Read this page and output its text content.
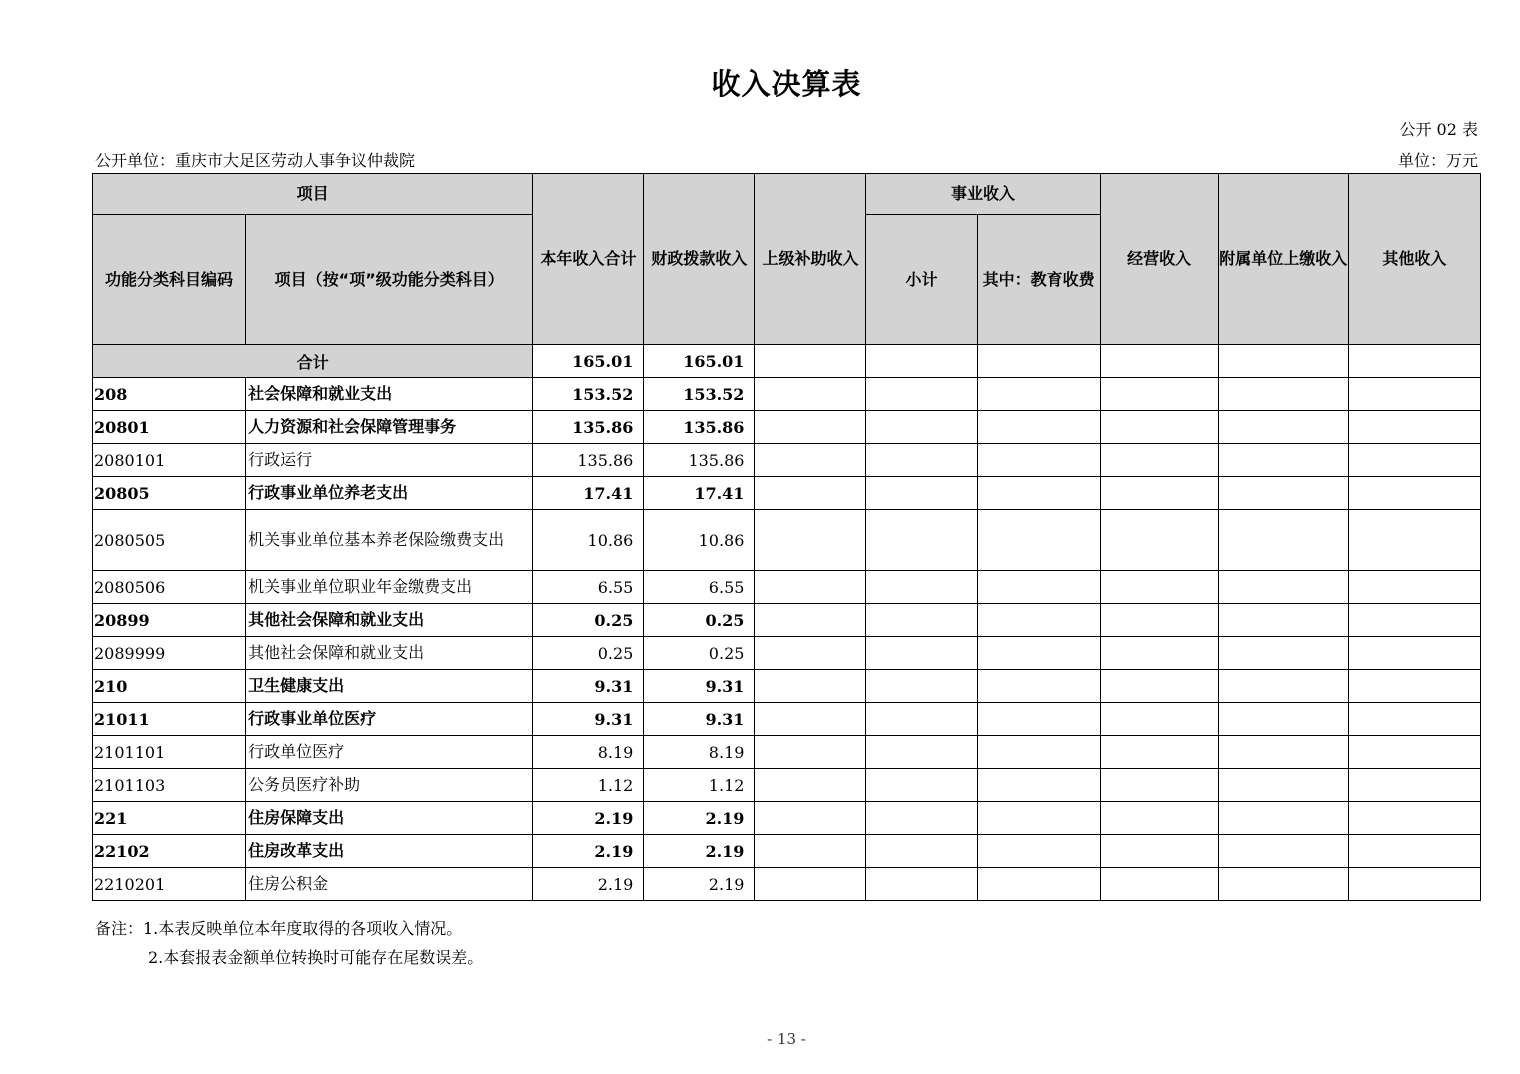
收入决算表
公开 02 表
公开单位：重庆市大足区劳动人事争议仲裁院	单位：万元
项目		本年收入合计	财政拨款收入	上级补助收入	事业收入		经营收入	附属单位上缴收入	其他收入
功能分类科目编码	项目（按“项”级功能分类科目）				小计	其中：教育收费			
合计		165.01	165.01						
208	社会保障和就业支出	153.52	153.52						
20801	人力资源和社会保障管理事务	135.86	135.86						
2080101	行政运行	135.86	135.86						
20805	行政事业单位养老支出	17.41	17.41						
2080505	机关事业单位基本养老保险缴费支出	10.86	10.86						
2080506	机关事业单位职业年金缴费支出	6.55	6.55						
20899	其他社会保障和就业支出	0.25	0.25						
2089999	其他社会保障和就业支出	0.25	0.25						
210	卫生健康支出	9.31	9.31						
21011	行政事业单位医疗	9.31	9.31						
2101101	行政单位医疗	8.19	8.19						
2101103	公务员医疗补助	1.12	1.12						
221	住房保障支出	2.19	2.19						
22102	住房改革支出	2.19	2.19						
2210201	住房公积金	2.19	2.19						
备注：1.本表反映单位本年度取得的各项收入情况。
2.本套报表金额单位转换时可能存在尾数误差。
- 13 -
